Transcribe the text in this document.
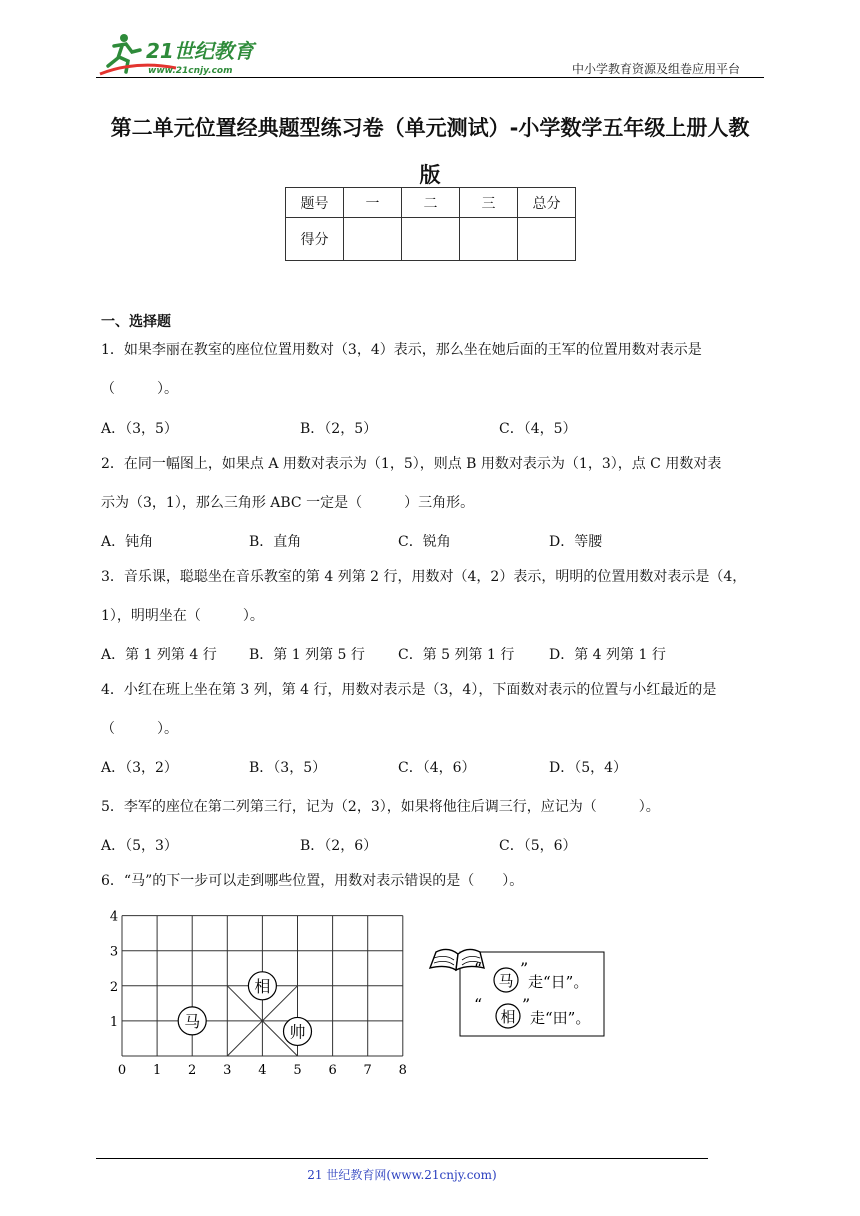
21世纪教育
www.21cnjy.com	中小学教育资源及组卷应用平台
第二单元位置经典题型练习卷（单元测试）-小学数学五年级上册人教
版
题号	一	二	三	总分
得分				
一、选择题
1．如果李丽在教室的座位位置用数对（3，4）表示，那么坐在她后面的王军的位置用数对表示是
（　　　）。
A．（3，5）	B．（2，5）	C．（4，5）
2．在同一幅图上，如果点 A 用数对表示为（1，5），则点 B 用数对表示为（1，3），点 C 用数对表
示为（3，1），那么三角形 ABC 一定是（　　　）三角形。
A．钝角	B．直角	C．锐角	D．等腰
3．音乐课，聪聪坐在音乐教室的第 4 列第 2 行，用数对（4，2）表示，明明的位置用数对表示是（4，
1），明明坐在（　　　）。
A．第 1 列第 4 行 B．第 1 列第 5 行 C．第 5 列第 1 行 D．第 4 列第 1 行
4．小红在班上坐在第 3 列，第 4 行，用数对表示是（3，4），下面数对表示的位置与小红最近的是
（　　　）。
A．（3，2）	B．（3，5）	C．（4，6）	D．（5，4）
5．李军的座位在第二列第三行，记为（2，3），如果将他往后调三行，应记为（　　　）。
A．（5，3）	B．（2，6）	C．（5，6）
6．“马”的下一步可以走到哪些位置，用数对表示错误的是（　　）。
0 1 2 3 4 5 6 7 8
1
2
3
4
马
相
帅
“
马
”
走“日”。
“
相
”
走“田”。
21 世纪教育网(www.21cnjy.com)
